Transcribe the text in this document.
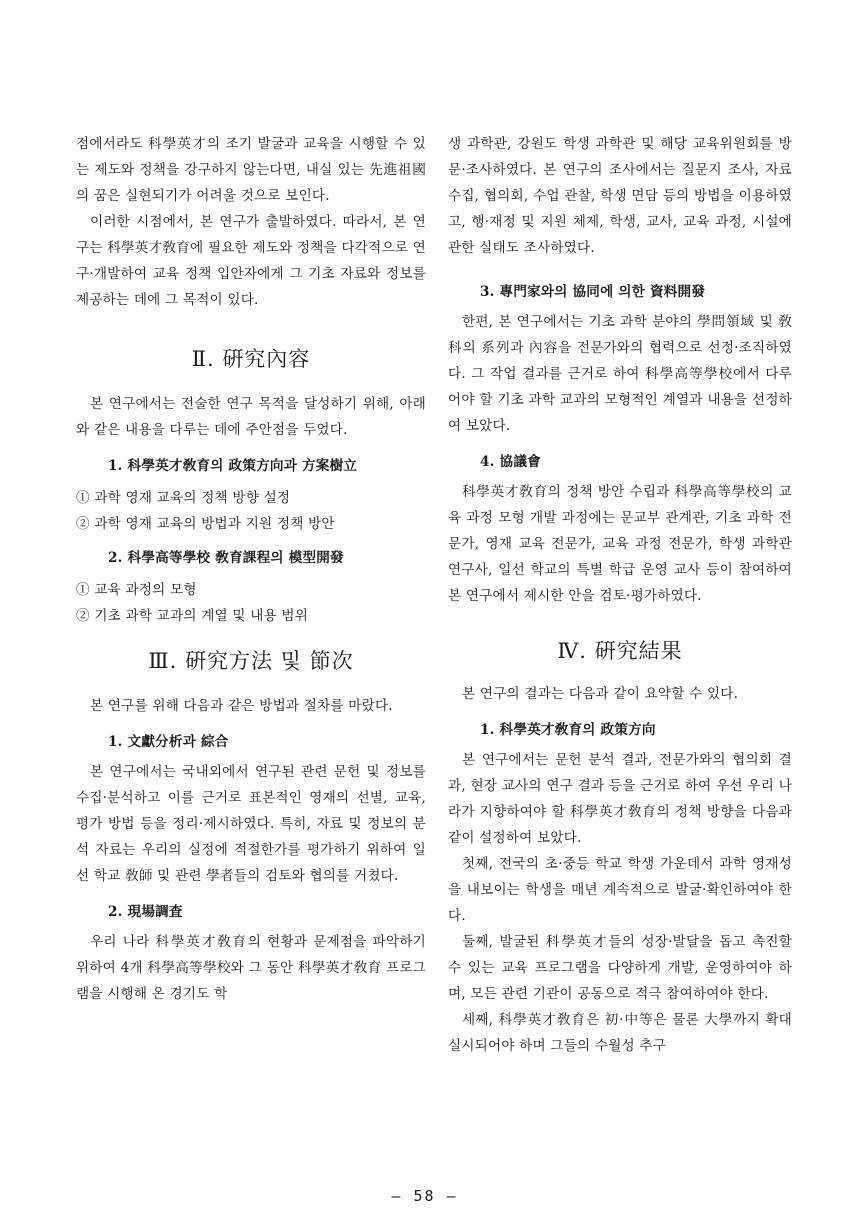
점에서라도 科學英才의 조기 발굴과 교육을 시행할 수 있는 제도와 정책을 강구하지 않는다면, 내실 있는 先進祖國의 꿈은 실현되기가 어려울 것으로 보인다.

이러한 시점에서, 본 연구가 출발하였다. 따라서, 본 연구는 科學英才敎育에 필요한 제도와 정책을 다각적으로 연구·개발하여 교육 정책 입안자에게 그 기초 자료와 정보를 제공하는 데에 그 목적이 있다.

Ⅱ. 硏究內容

본 연구에서는 전술한 연구 목적을 달성하기 위해, 아래와 같은 내용을 다루는 데에 주안점을 두었다.

1. 科學英才敎育의 政策方向과 方案樹立

① 과학 영재 교육의 정책 방향 설정

② 과학 영재 교육의 방법과 지원 정책 방안

2. 科學高等學校 敎育課程의 模型開發

① 교육 과정의 모형

② 기초 과학 교과의 계열 및 내용 범위

Ⅲ. 硏究方法 및 節次

본 연구를 위해 다음과 같은 방법과 절차를 마랐다.

1. 文獻分析과 綜合

본 연구에서는 국내외에서 연구된 관련 문헌 및 정보를 수집·분석하고 이를 근거로 표본적인 영재의 선별, 교육, 평가 방법 등을 정리·제시하였다. 특히, 자료 및 정보의 분석 자료는 우리의 실정에 적절한가를 평가하기 위하여 일선 학교 敎師 및 관련 學者들의 검토와 협의를 거쳤다.

2. 現場調査

우리 나라 科學英才敎育의 현황과 문제점을 파악하기 위하여 4개 科學高等學校와 그 동안 科學英才敎育 프로그램을 시행해 온 경기도 학

생 과학관, 강원도 학생 과학관 및 해당 교육위원회를 방문·조사하였다. 본 연구의 조사에서는 질문지 조사, 자료 수집, 협의회, 수업 관찰, 학생 면담 등의 방법을 이용하였고, 행·재정 및 지원 체제, 학생, 교사, 교육 과정, 시설에 관한 실태도 조사하였다.

3. 專門家와의 協同에 의한 資料開發

한편, 본 연구에서는 기초 과학 분야의 學問領域 및 敎科의 系列과 內容을 전문가와의 협력으로 선정·조직하였다. 그 작업 결과를 근거로 하여 科學高等學校에서 다루어야 할 기초 과학 교과의 모형적인 계열과 내용을 선정하여 보았다.

4. 協議會

科學英才敎育의 정책 방안 수립과 科學高等學校의 교육 과정 모형 개발 과정에는 문교부 관계관, 기초 과학 전문가, 영재 교육 전문가, 교육 과정 전문가, 학생 과학관 연구사, 일선 학교의 특별 학급 운영 교사 등이 참여하여 본 연구에서 제시한 안을 검토·평가하였다.

Ⅳ. 硏究結果

본 연구의 결과는 다음과 같이 요약할 수 있다.

1. 科學英才敎育의 政策方向

본 연구에서는 문헌 분석 결과, 전문가와의 협의회 결과, 현장 교사의 연구 결과 등을 근거로 하여 우선 우리 나라가 지향하여야 할 科學英才敎育의 정책 방향을 다음과 같이 설정하여 보았다.

첫째, 전국의 초·중등 학교 학생 가운데서 과학 영재성을 내보이는 학생을 매년 계속적으로 발굴·확인하여야 한다.

둘째, 발굴된 科學英才들의 성장·발달을 돕고 촉진할 수 있는 교육 프로그램을 다양하게 개발, 운영하여야 하며, 모든 관련 기관이 공동으로 적극 참여하여야 한다.

세째, 科學英才敎育은 初·中等은 물론 大學까지 확대 실시되어야 하며 그들의 수월성 추구

— 58 —
